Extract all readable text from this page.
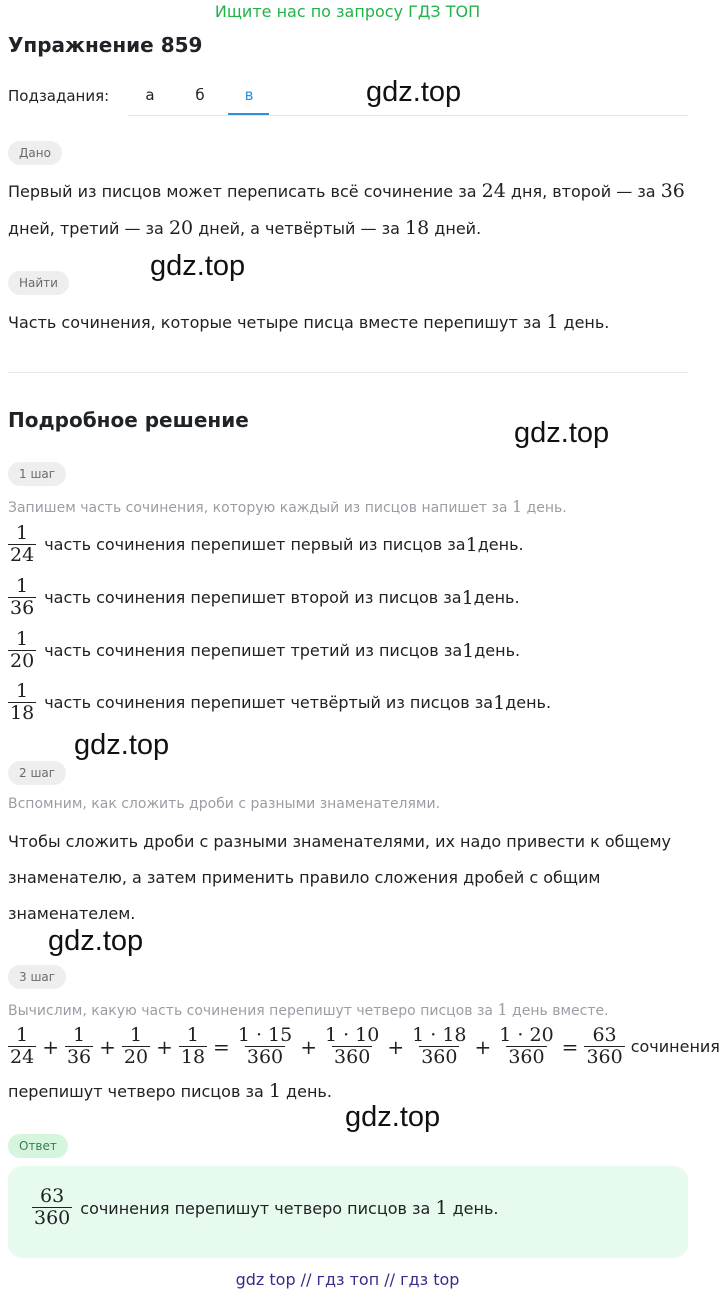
Ищите нас по запросу ГДЗ ТОП
Упражнение 859
Подзадания:	а	б	в	gdz.top
Дано
Первый из писцов может переписать всё сочинение за 24 дня, второй — за 36
дней, третий — за 20 дней, а четвёртый — за 18 дней.
Найти
gdz.top
Часть сочинения, которые четыре писца вместе перепишут за 1 день.
Подробное решение	gdz.top
1 шаг
Запишем часть сочинения, которую каждый из писцов напишет за 1 день.
$\frac{1}{24}$ часть сочинения перепишет первый из писцов за 1 день.
$\frac{1}{36}$ часть сочинения перепишет второй из писцов за 1 день.
$\frac{1}{20}$ часть сочинения перепишет третий из писцов за 1 день.
$\frac{1}{18}$ часть сочинения перепишет четвёртый из писцов за 1 день.
gdz.top
2 шаг
Вспомним, как сложить дроби с разными знаменателями.
Чтобы сложить дроби с разными знаменателями, их надо привести к общему
знаменателю, а затем применить правило сложения дробей с общим
знаменателем.
gdz.top
3 шаг
Вычислим, какую часть сочинения перепишут четверо писцов за 1 день вместе.
$\frac{1}{24} + \frac{1}{36} + \frac{1}{20} + \frac{1}{18} = \frac{1 \cdot 15}{360} + \frac{1 \cdot 10}{360} + \frac{1 \cdot 18}{360} + \frac{1 \cdot 20}{360} = \frac{63}{360}$ сочинения
перепишут четверо писцов за 1 день.
gdz.top
Ответ
$\frac{63}{360}$ сочинения перепишут четверо писцов за 1 день.
gdz top // гдз топ // гдз top
